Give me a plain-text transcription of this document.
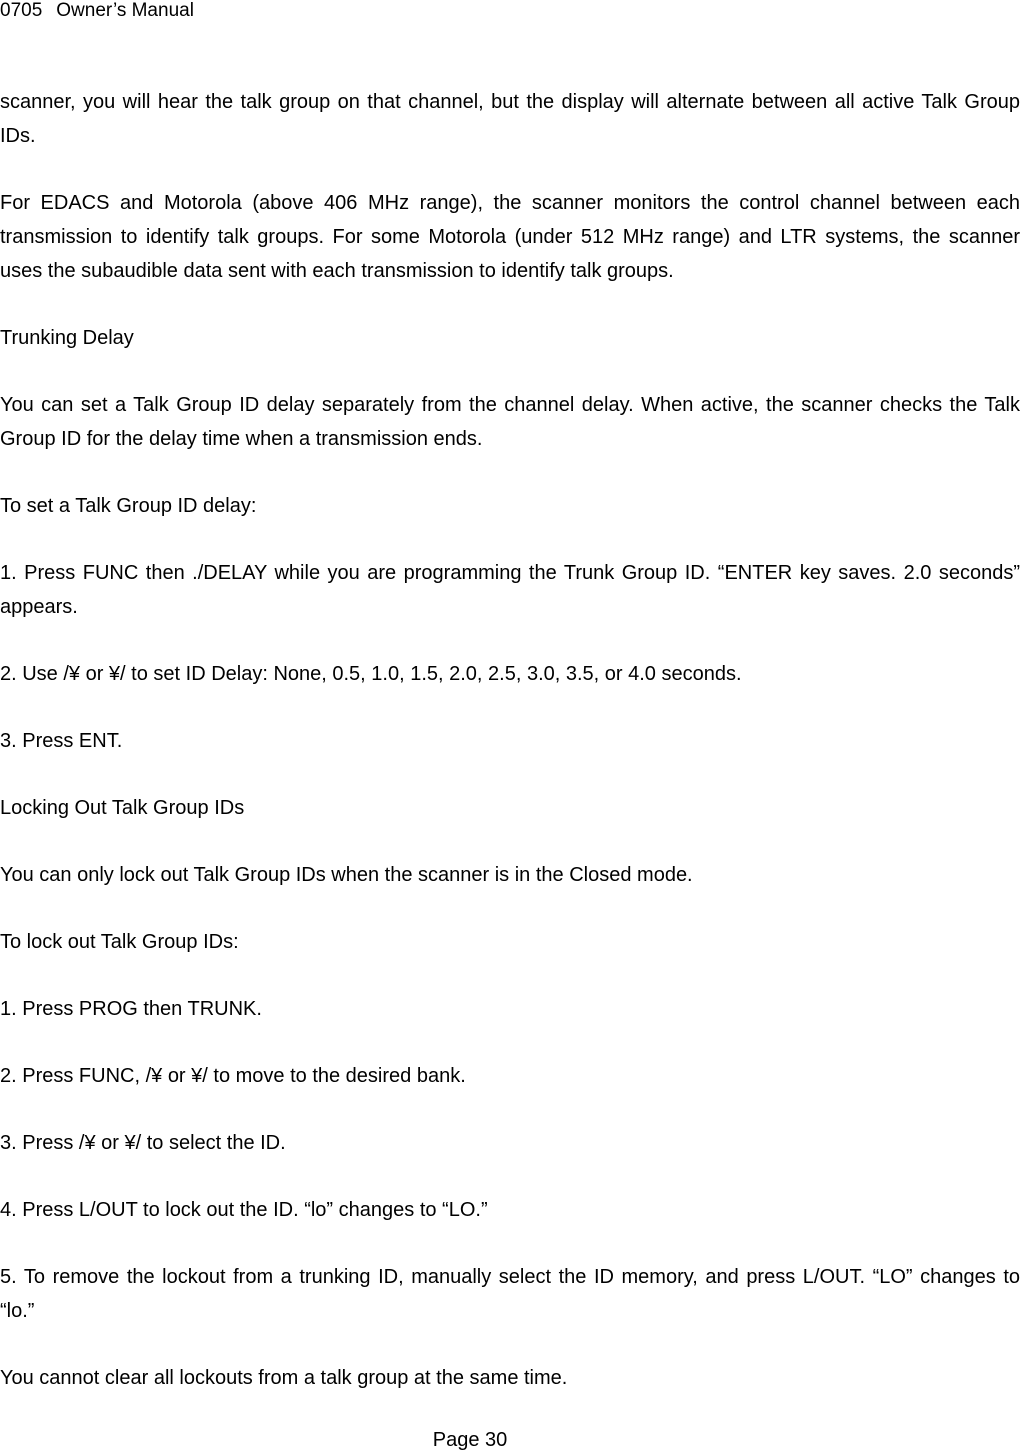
0705 Owner’s Manual

scanner, you will hear the talk group on that channel, but the display will alternate between all active Talk Group IDs.

For EDACS and Motorola (above 406 MHz range), the scanner monitors the control channel between each transmission to identify talk groups. For some Motorola (under 512 MHz range) and LTR systems, the scanner uses the subaudible data sent with each transmission to identify talk groups.

Trunking Delay

You can set a Talk Group ID delay separately from the channel delay. When active, the scanner checks the Talk Group ID for the delay time when a transmission ends.

To set a Talk Group ID delay:

1. Press FUNC then ./DELAY while you are programming the Trunk Group ID. “ENTER key saves. 2.0 seconds” appears.

2. Use /¥ or ¥/ to set ID Delay: None, 0.5, 1.0, 1.5, 2.0, 2.5, 3.0, 3.5, or 4.0 seconds.

3. Press ENT.

Locking Out Talk Group IDs

You can only lock out Talk Group IDs when the scanner is in the Closed mode.

To lock out Talk Group IDs:

1. Press PROG then TRUNK.

2. Press FUNC, /¥ or ¥/ to move to the desired bank.

3. Press /¥ or ¥/ to select the ID.

4. Press L/OUT to lock out the ID. “lo” changes to “LO.”

5. To remove the lockout from a trunking ID, manually select the ID memory, and press L/OUT. “LO” changes to “lo.”

You cannot clear all lockouts from a talk group at the same time.

Page 30
